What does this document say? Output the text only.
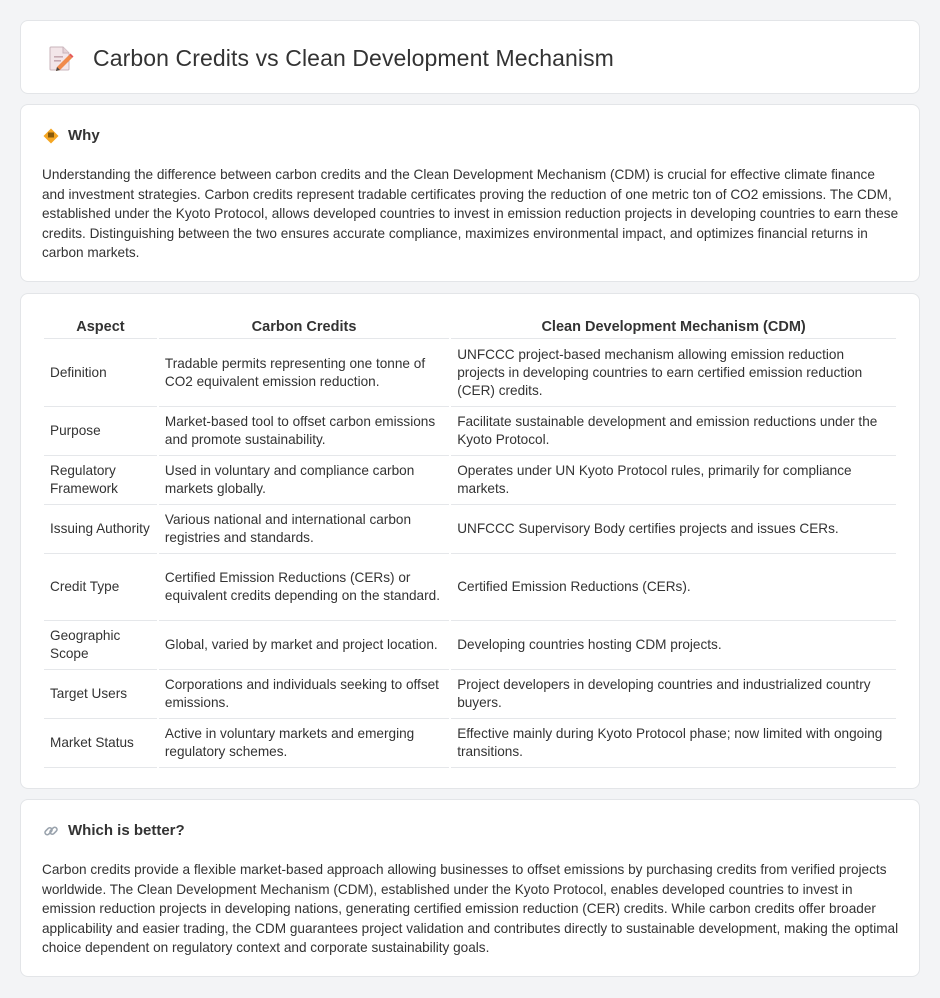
Carbon Credits vs Clean Development Mechanism
Why

Understanding the difference between carbon credits and the Clean Development Mechanism (CDM) is crucial for effective climate finance and investment strategies. Carbon credits represent tradable certificates proving the reduction of one metric ton of CO2 emissions. The CDM, established under the Kyoto Protocol, allows developed countries to invest in emission reduction projects in developing countries to earn these credits. Distinguishing between the two ensures accurate compliance, maximizes environmental impact, and optimizes financial returns in carbon markets.

Aspect	Carbon Credits	Clean Development Mechanism (CDM)
Definition	Tradable permits representing one tonne of CO2 equivalent emission reduction.	UNFCCC project-based mechanism allowing emission reduction projects in developing countries to earn certified emission reduction (CER) credits.
Purpose	Market-based tool to offset carbon emissions and promote sustainability.	Facilitate sustainable development and emission reductions under the Kyoto Protocol.
Regulatory Framework	Used in voluntary and compliance carbon markets globally.	Operates under UN Kyoto Protocol rules, primarily for compliance markets.
Issuing Authority	Various national and international carbon registries and standards.	UNFCCC Supervisory Body certifies projects and issues CERs.
Credit Type	Certified Emission Reductions (CERs) or equivalent credits depending on the standard.	Certified Emission Reductions (CERs).
Geographic Scope	Global, varied by market and project location.	Developing countries hosting CDM projects.
Target Users	Corporations and individuals seeking to offset emissions.	Project developers in developing countries and industrialized country buyers.
Market Status	Active in voluntary markets and emerging regulatory schemes.	Effective mainly during Kyoto Protocol phase; now limited with ongoing transitions.
Which is better?

Carbon credits provide a flexible market-based approach allowing businesses to offset emissions by purchasing credits from verified projects worldwide. The Clean Development Mechanism (CDM), established under the Kyoto Protocol, enables developed countries to invest in emission reduction projects in developing nations, generating certified emission reduction (CER) credits. While carbon credits offer broader applicability and easier trading, the CDM guarantees project validation and contributes directly to sustainable development, making the optimal choice dependent on regulatory context and corporate sustainability goals.
